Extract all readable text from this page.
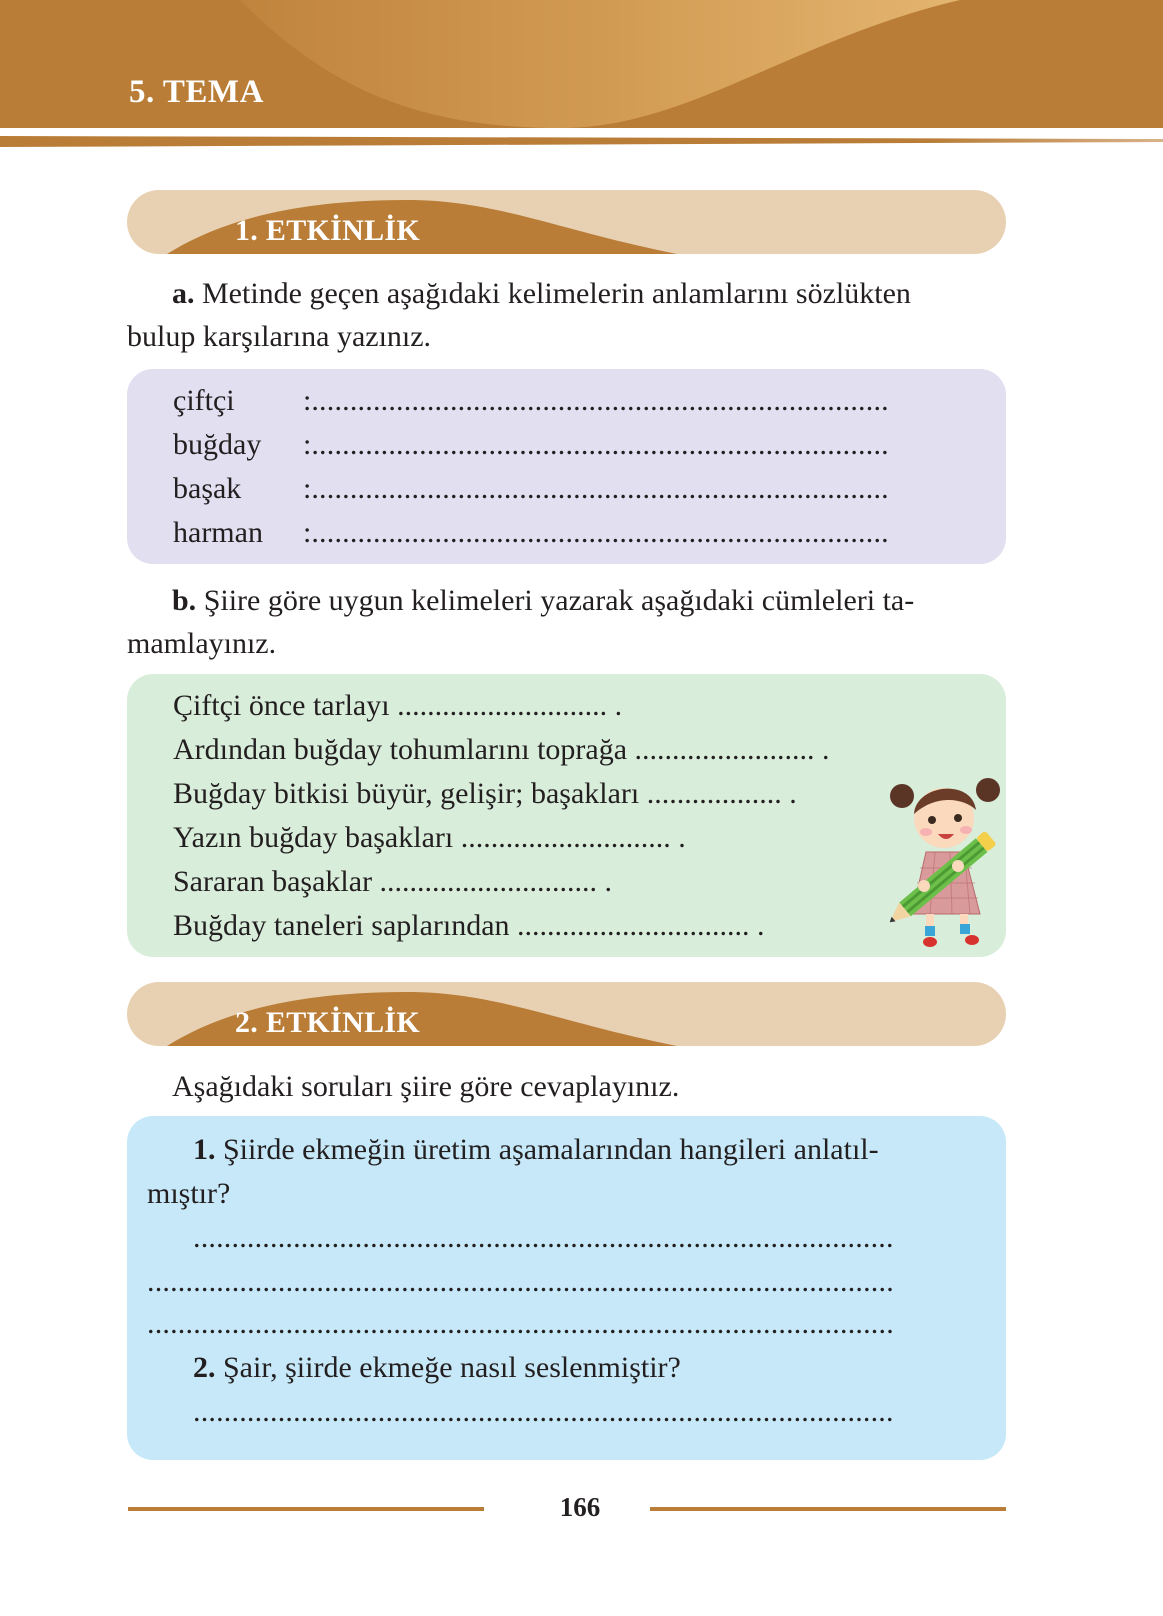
5. TEMA
1. ETKİNLİK
a. Metinde geçen aşağıdaki kelimelerin anlamlarını sözlükten
bulup karşılarına yazınız.
çiftçi :...........................................................................
buğday :...........................................................................
başak :...........................................................................
harman :...........................................................................
b. Şiire göre uygun kelimeleri yazarak aşağıdaki cümleleri ta-
mamlayınız.
Çiftçi önce tarlayı ............................ .
Ardından buğday tohumlarını toprağa ........................ .
Buğday bitkisi büyür, gelişir; başakları .................. .
Yazın buğday başakları ............................ .
Sararan başaklar ............................. .
Buğday taneleri saplarından ............................... .
2. ETKİNLİK
Aşağıdaki soruları şiire göre cevaplayınız.
1. Şiirde ekmeğin üretim aşamalarından hangileri anlatıl-
mıştır?
...........................................................................................
.................................................................................................
.................................................................................................
2. Şair, şiirde ekmeğe nasıl seslenmiştir?
...........................................................................................
166
